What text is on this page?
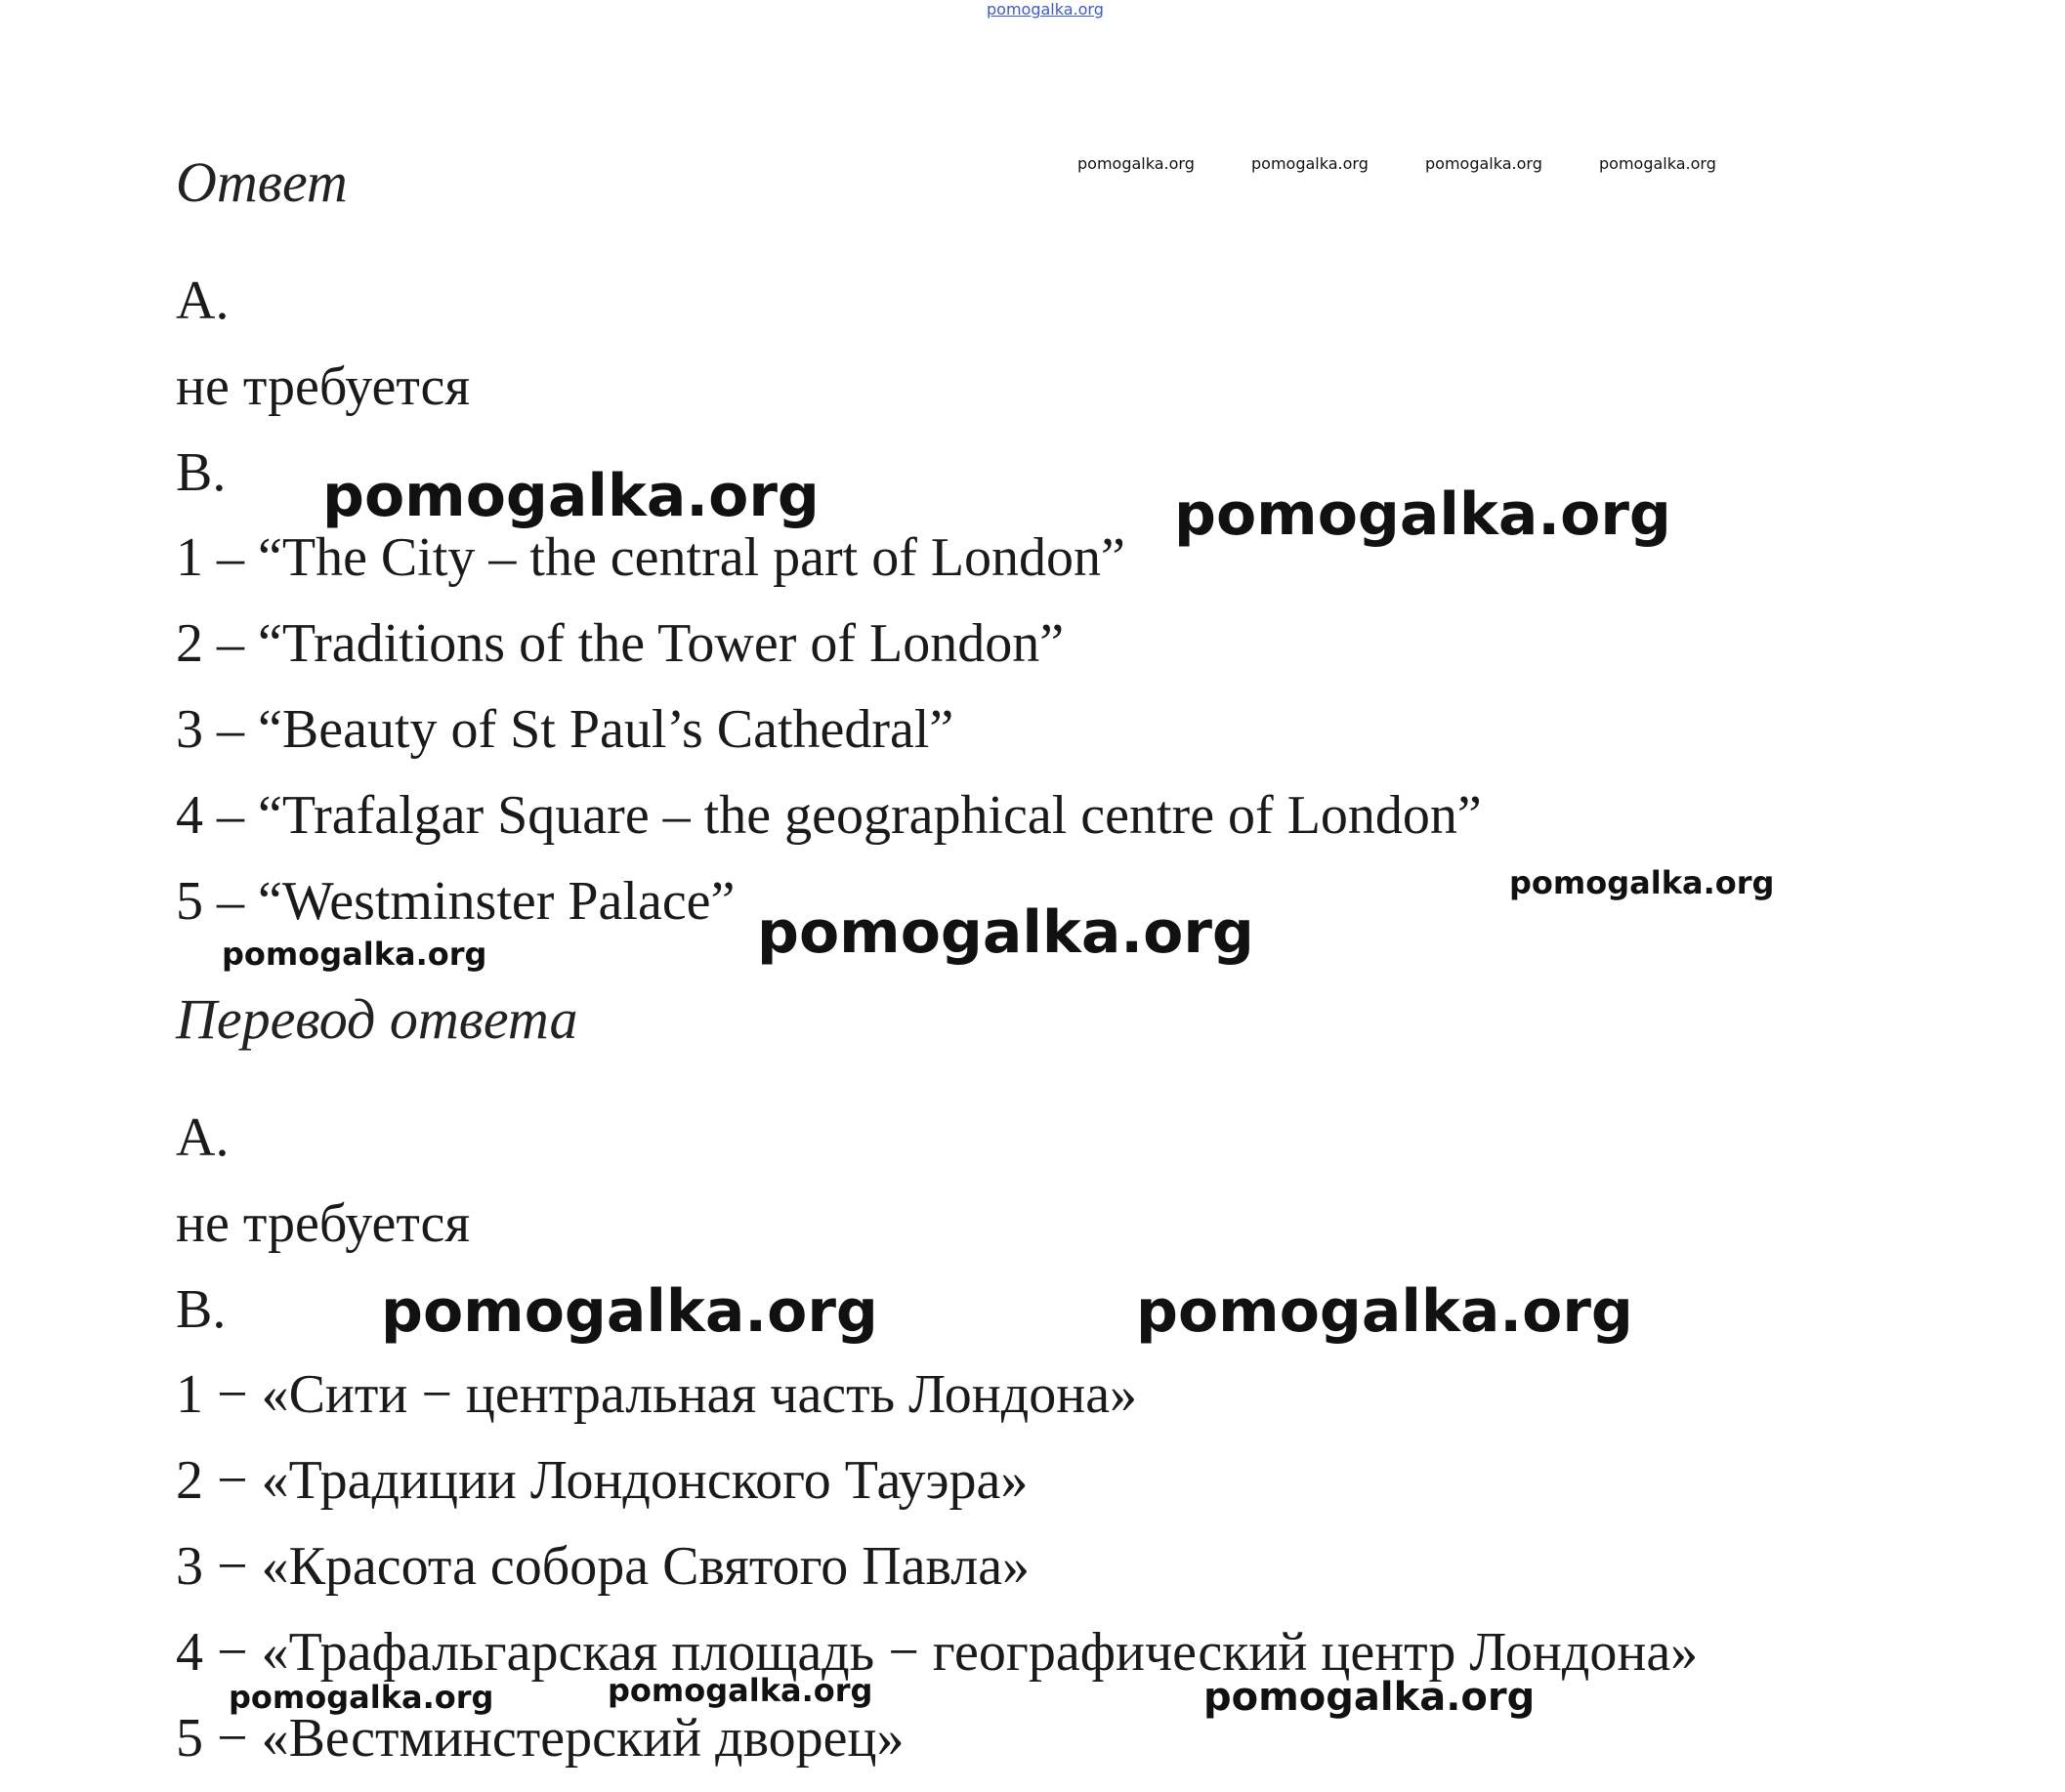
pomogalka.org
pomogalka.org	pomogalka.org	pomogalka.org	pomogalka.org
Ответ
A.
не требуется
B.
1 – “The City – the central part of London”
2 – “Traditions of the Tower of London”
3 – “Beauty of St Paul’s Cathedral”
4 – “Trafalgar Square – the geographical centre of London”
5 – “Westminster Palace”
Перевод ответа
A.
не требуется
B.
1 − «Сити − центральная часть Лондона»
2 − «Традиции Лондонского Тауэра»
3 − «Красота собора Святого Павла»
4 − «Трафальгарская площадь − географический центр Лондона»
5 − «Вестминстерский дворец»
pomogalka.org	pomogalka.org
pomogalka.org
pomogalka.org	pomogalka.org
pomogalka.org
pomogalka.org
pomogalka.org	pomogalka.org	pomogalka.org
